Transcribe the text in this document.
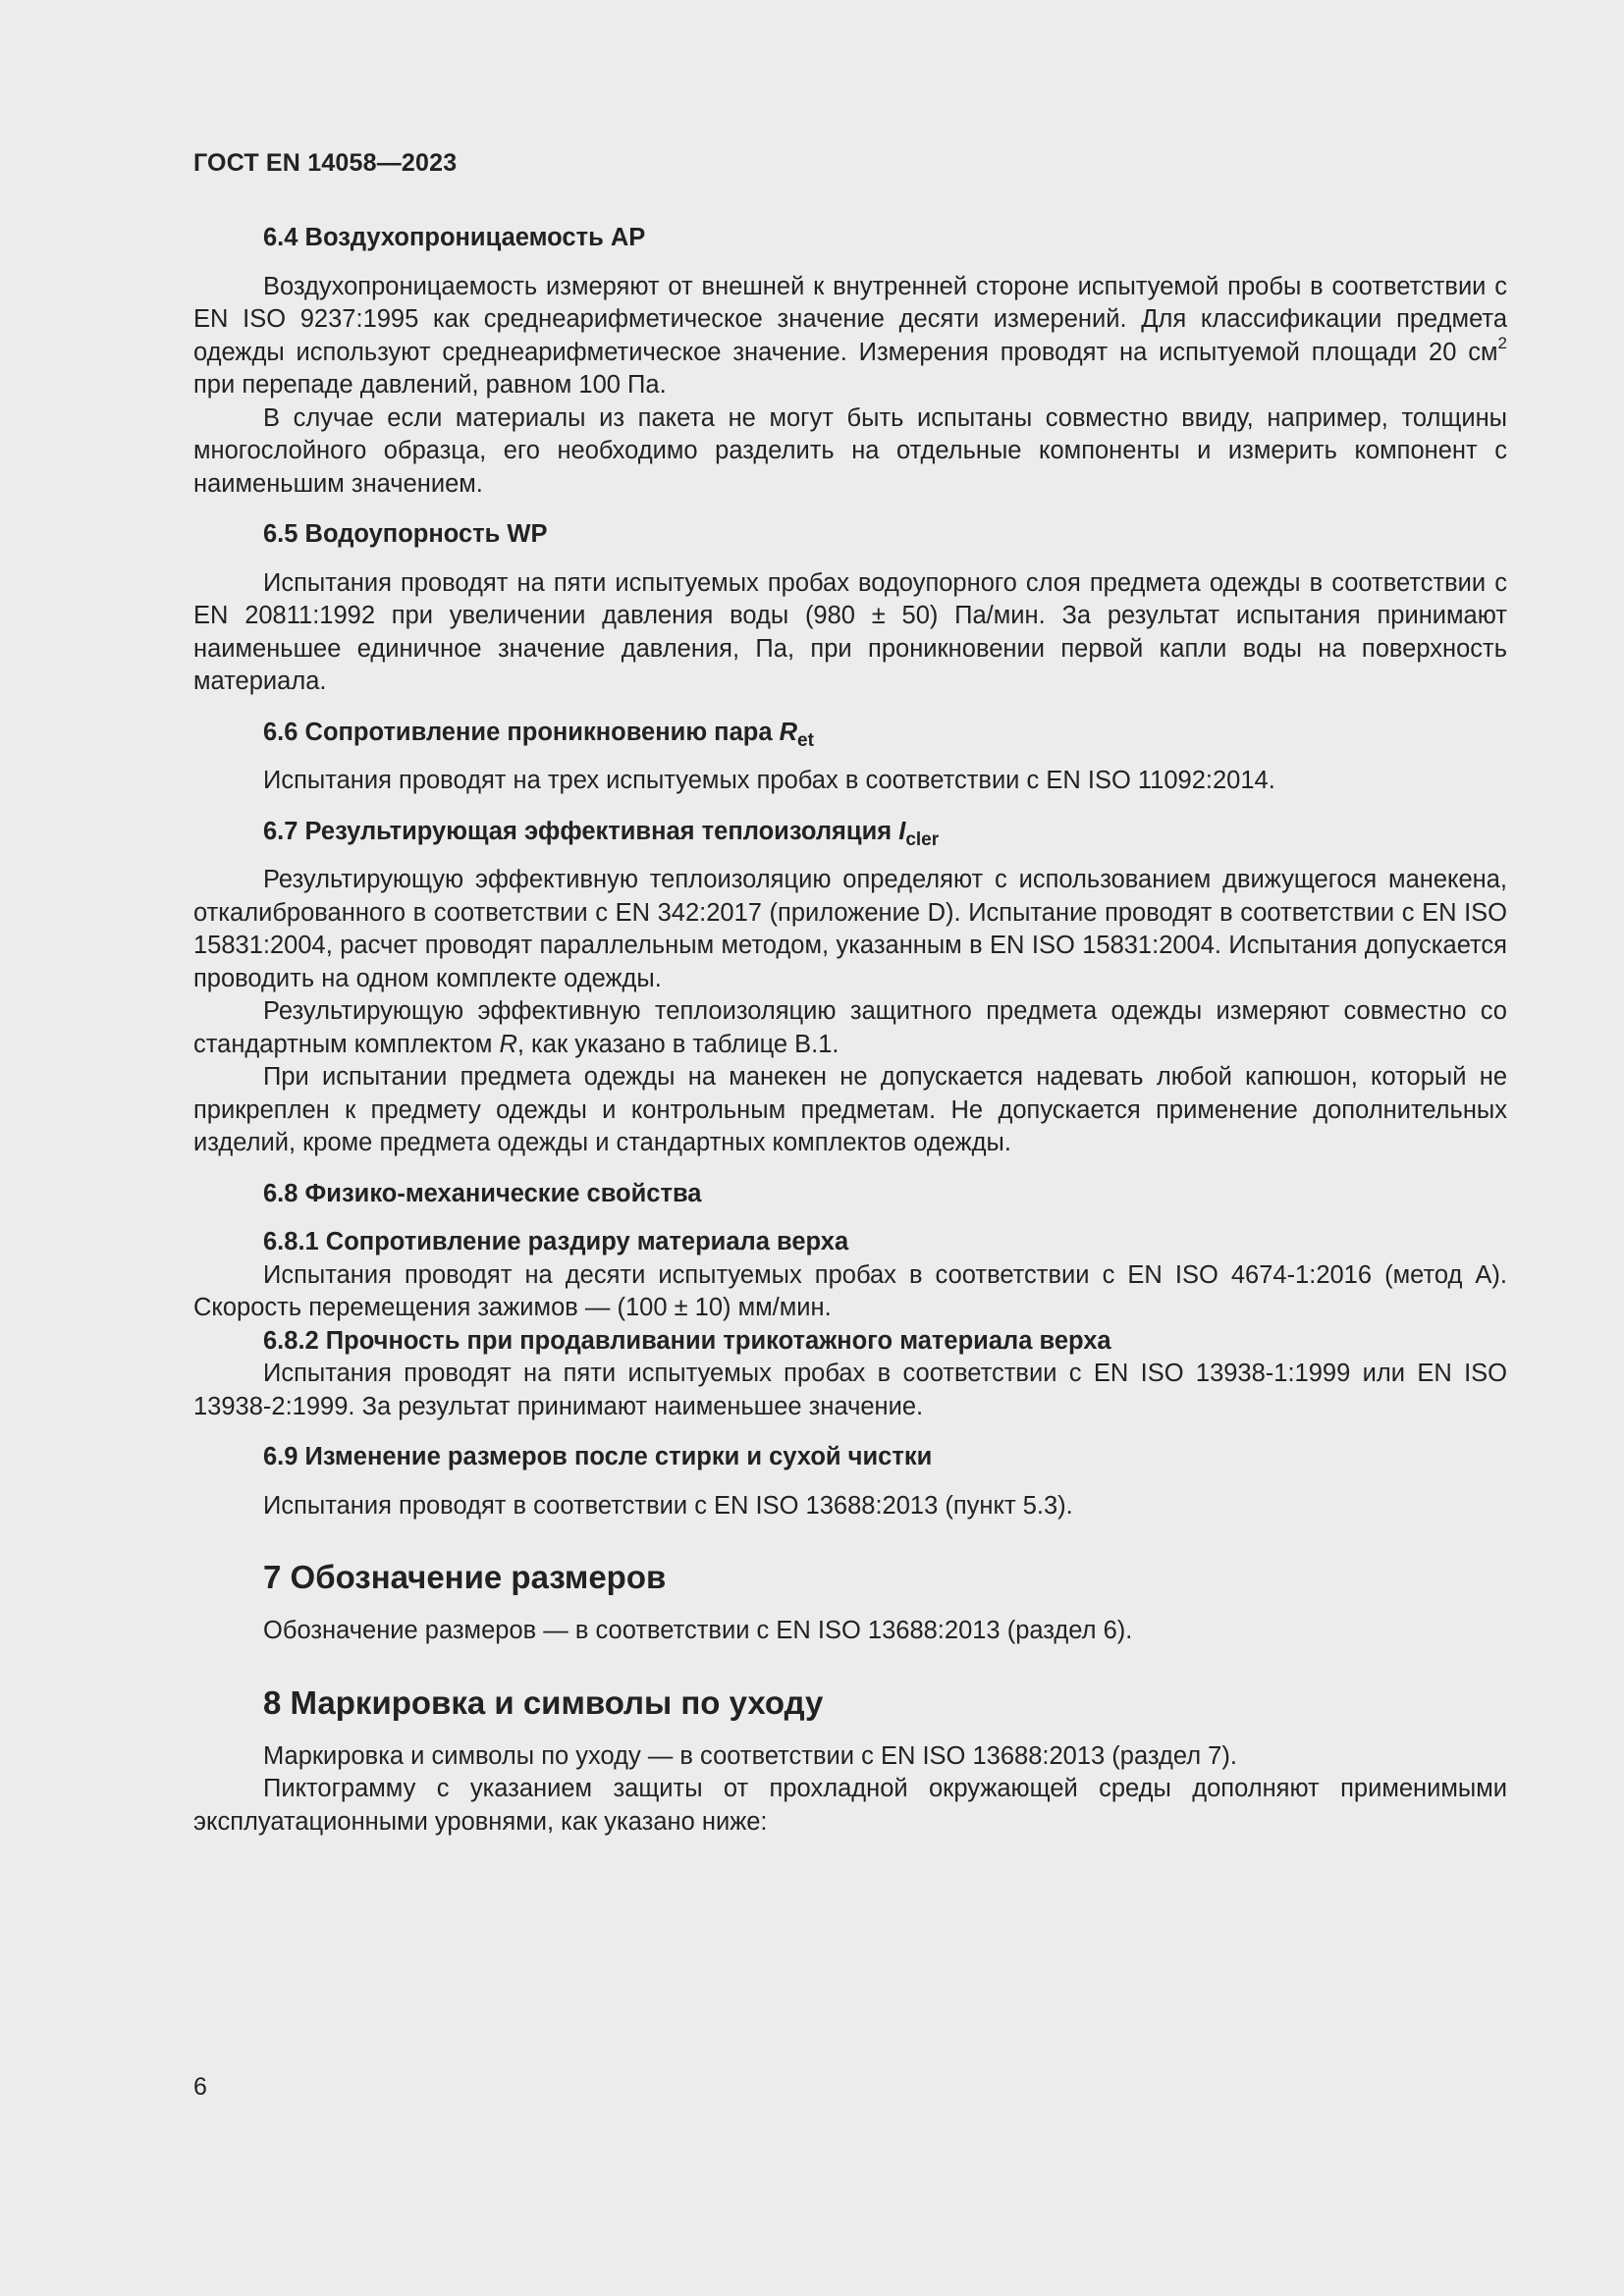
ГОСТ EN 14058—2023

6.4 Воздухопроницаемость AP

Воздухопроницаемость измеряют от внешней к внутренней стороне испытуемой пробы в соответствии с EN ISO 9237:1995 как среднеарифметическое значение десяти измерений. Для классификации предмета одежды используют среднеарифметическое значение. Измерения проводят на испытуемой площади 20 $см^2$ при перепаде давлений, равном 100 Па.

В случае если материалы из пакета не могут быть испытаны совместно ввиду, например, толщины многослойного образца, его необходимо разделить на отдельные компоненты и измерить компонент с наименьшим значением.

6.5 Водоупорность WP

Испытания проводят на пяти испытуемых пробах водоупорного слоя предмета одежды в соответствии с EN 20811:1992 при увеличении давления воды (980 ± 50) Па/мин. За результат испытания принимают наименьшее единичное значение давления, Па, при проникновении первой капли воды на поверхность материала.

6.6 Сопротивление проникновению пара $R_{et}$

Испытания проводят на трех испытуемых пробах в соответствии с EN ISO 11092:2014.

6.7 Результирующая эффективная теплоизоляция $I_{cler}$

Результирующую эффективную теплоизоляцию определяют с использованием движущегося манекена, откалиброванного в соответствии с EN 342:2017 (приложение D). Испытание проводят в соответствии с EN ISO 15831:2004, расчет проводят параллельным методом, указанным в EN ISO 15831:2004. Испытания допускается проводить на одном комплекте одежды.

Результирующую эффективную теплоизоляцию защитного предмета одежды измеряют совместно со стандартным комплектом R, как указано в таблице B.1.

При испытании предмета одежды на манекен не допускается надевать любой капюшон, который не прикреплен к предмету одежды и контрольным предметам. Не допускается применение дополнительных изделий, кроме предмета одежды и стандартных комплектов одежды.

6.8 Физико-механические свойства

6.8.1 Сопротивление раздиру материала верха

Испытания проводят на десяти испытуемых пробах в соответствии с EN ISO 4674-1:2016 (метод А). Скорость перемещения зажимов — (100 ± 10) мм/мин.

6.8.2 Прочность при продавливании трикотажного материала верха

Испытания проводят на пяти испытуемых пробах в соответствии с EN ISO 13938-1:1999 или EN ISO 13938-2:1999. За результат принимают наименьшее значение.

6.9 Изменение размеров после стирки и сухой чистки

Испытания проводят в соответствии с EN ISO 13688:2013 (пункт 5.3).

7 Обозначение размеров

Обозначение размеров — в соответствии с EN ISO 13688:2013 (раздел 6).

8 Маркировка и символы по уходу

Маркировка и символы по уходу — в соответствии с EN ISO 13688:2013 (раздел 7).

Пиктограмму с указанием защиты от прохладной окружающей среды дополняют применимыми эксплуатационными уровнями, как указано ниже:

6
